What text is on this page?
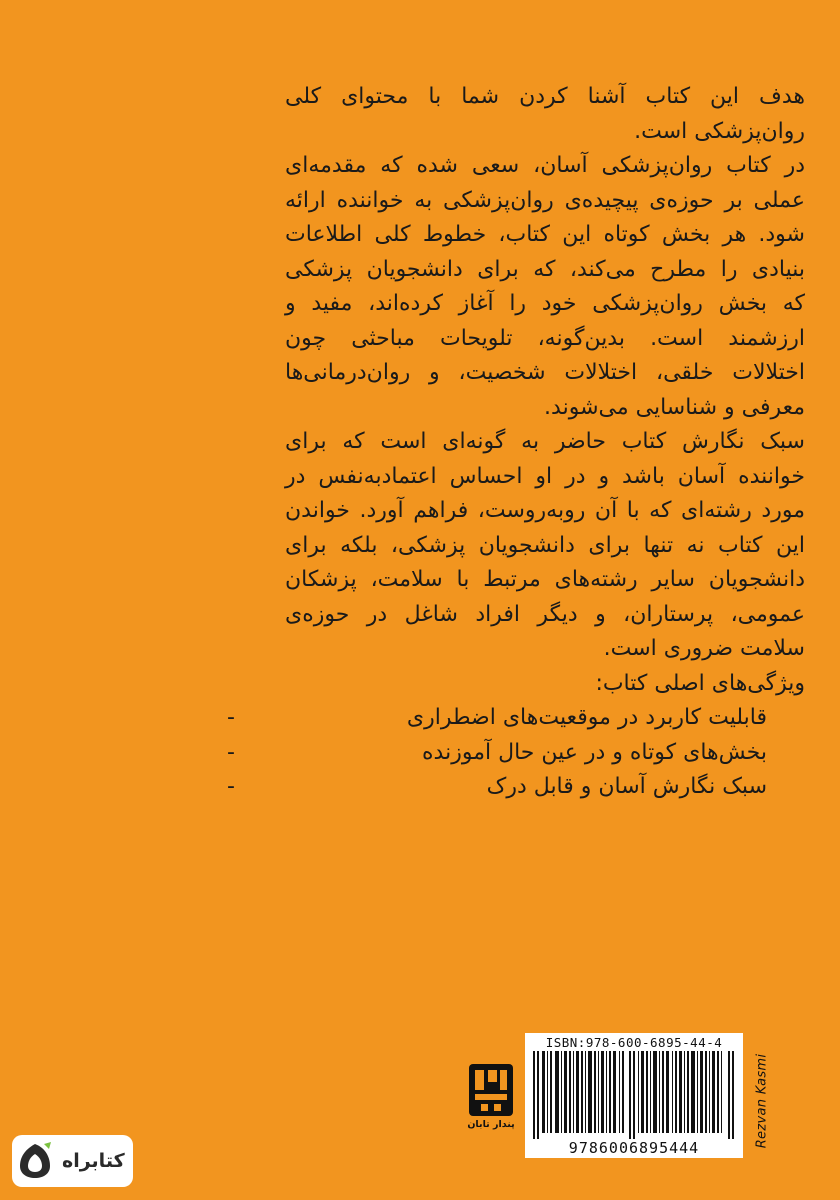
هدف این کتاب آشنا کردن شما با محتوای کلی
روان‌پزشکی است.
در کتاب روان‌پزشکی آسان، سعی شده که مقدمه‌ای
عملی بر حوزه‌ی پیچیده‌ی روان‌پزشکی به خواننده ارائه
شود. هر بخش کوتاه این کتاب، خطوط کلی اطلاعات
بنیادی را مطرح می‌کند، که برای دانشجویان پزشکی
که بخش روان‌پزشکی خود را آغاز کرده‌اند، مفید و
ارزشمند است. بدین‌گونه، تلویحات مباحثی چون
اختلالات خلقی، اختلالات شخصیت، و روان‌درمانی‌ها
معرفی و شناسایی می‌شوند.
سبک نگارش کتاب حاضر به گونه‌ای است که برای
خواننده آسان باشد و در او احساس اعتمادبه‌نفس در
مورد رشته‌ای که با آن روبه‌روست، فراهم آورد. خواندن
این کتاب نه تنها برای دانشجویان پزشکی، بلکه برای
دانشجویان سایر رشته‌های مرتبط با سلامت، پزشکان
عمومی، پرستاران، و دیگر افراد شاغل در حوزه‌ی
سلامت ضروری است.
ویژگی‌های اصلی کتاب:
-	قابلیت کاربرد در موقعیت‌های اضطراری
-	بخش‌های کوتاه و در عین حال آموزنده
-	سبک نگارش آسان و قابل درک
پندار تابان
ISBN:978-600-6895-44-4
9786006895444	Rezvan Kasmi
کتابراه
